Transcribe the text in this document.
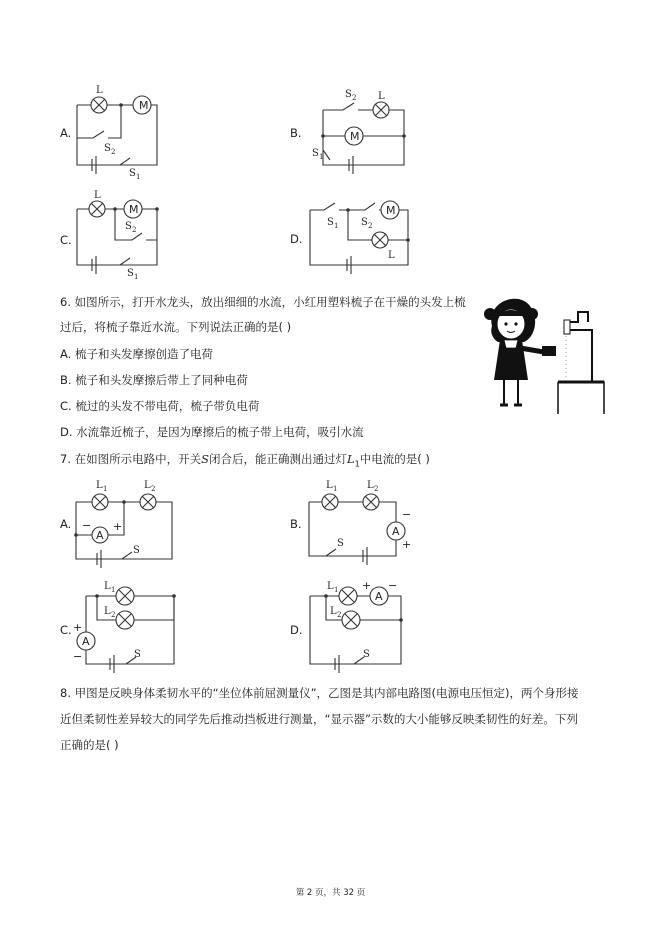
A.
M
L
S 2
S 1
B.
L
S 2
M
S 1
C.
L
M
S 2
S 1
D.
M
S 1 S 2
L
6. 如图所示，打开水龙头，放出细细的水流，小红用塑料梳子在干燥的头发上梳
过后，将梳子靠近水流。下列说法正确的是( )
A. 梳子和头发摩擦创造了电荷
B. 梳子和头发摩擦后带上了同种电荷
C. 梳过的头发不带电荷，梳子带负电荷
D. 水流靠近梳子，是因为摩擦后的梳子带上电荷，吸引水流
7. 在如图所示电路中，开关S闭合后，能正确测出通过灯$L_1$中电流的是( )
A.
L 1	L 2
A
− +
S
B.
L 1	L 2
A
−
+
S
C.
L 1
L 2
A
+
−	S
D.
L 1	A
+ −
L 2
S
8. 甲图是反映身体柔韧水平的“坐位体前屈测量仪”，乙图是其内部电路图(电源电压恒定)，两个身形接
近但柔韧性差异较大的同学先后推动挡板进行测量，“显示器”示数的大小能够反映柔韧性的好差。下列
正确的是( )
第 2 页，共 32 页
